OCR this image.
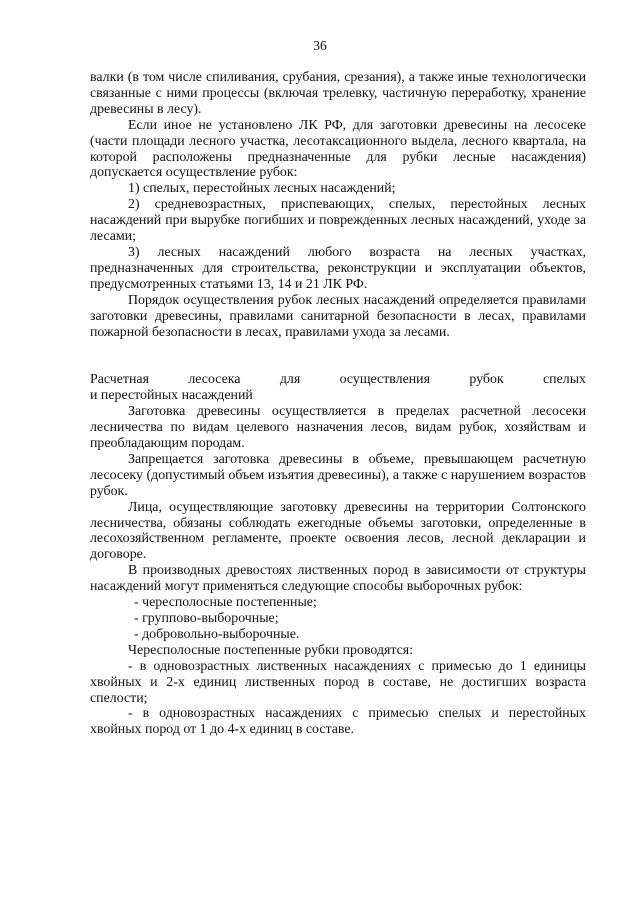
36

валки (в том числе спиливания, срубания, срезания), а также иные технологически связанные с ними процессы (включая трелевку, частичную переработку, хранение древесины в лесу).

Если иное не установлено ЛК РФ, для заготовки древесины на лесосеке (части площади лесного участка, лесотаксационного выдела, лесного квартала, на которой расположены предназначенные для рубки лесные насаждения) допускается осуществление рубок:

1) спелых, перестойных лесных насаждений;

2) средневозрастных, приспевающих, спелых, перестойных лесных насаждений при вырубке погибших и поврежденных лесных насаждений, уходе за лесами;

3) лесных насаждений любого возраста на лесных участках, предназначенных для строительства, реконструкции и эксплуатации объектов, предусмотренных статьями 13, 14 и 21 ЛК РФ.

Порядок осуществления рубок лесных насаждений определяется правилами заготовки древесины, правилами санитарной безопасности в лесах, правилами пожарной безопасности в лесах, правилами ухода за лесами.

Расчетная лесосека для осуществления рубок спелых
и перестойных насаждений

Заготовка древесины осуществляется в пределах расчетной лесосеки лесничества по видам целевого назначения лесов, видам рубок, хозяйствам и преобладающим породам.

Запрещается заготовка древесины в объеме, превышающем расчетную лесосеку (допустимый объем изъятия древесины), а также с нарушением возрастов рубок.

Лица, осуществляющие заготовку древесины на территории Солтонского лесничества, обязаны соблюдать ежегодные объемы заготовки, определенные в лесохозяйственном регламенте, проекте освоения лесов, лесной декларации и договоре.

В производных древостоях лиственных пород в зависимости от структуры насаждений могут применяться следующие способы выборочных рубок:

- чересполосные постепенные;

- группово-выборочные;

- добровольно-выборочные.

Чересполосные постепенные рубки проводятся:

- в одновозрастных лиственных насаждениях с примесью до 1 единицы хвойных и 2-х единиц лиственных пород в составе, не достигших возраста спелости;

- в одновозрастных насаждениях с примесью спелых и перестойных хвойных пород от 1 до 4-х единиц в составе.
